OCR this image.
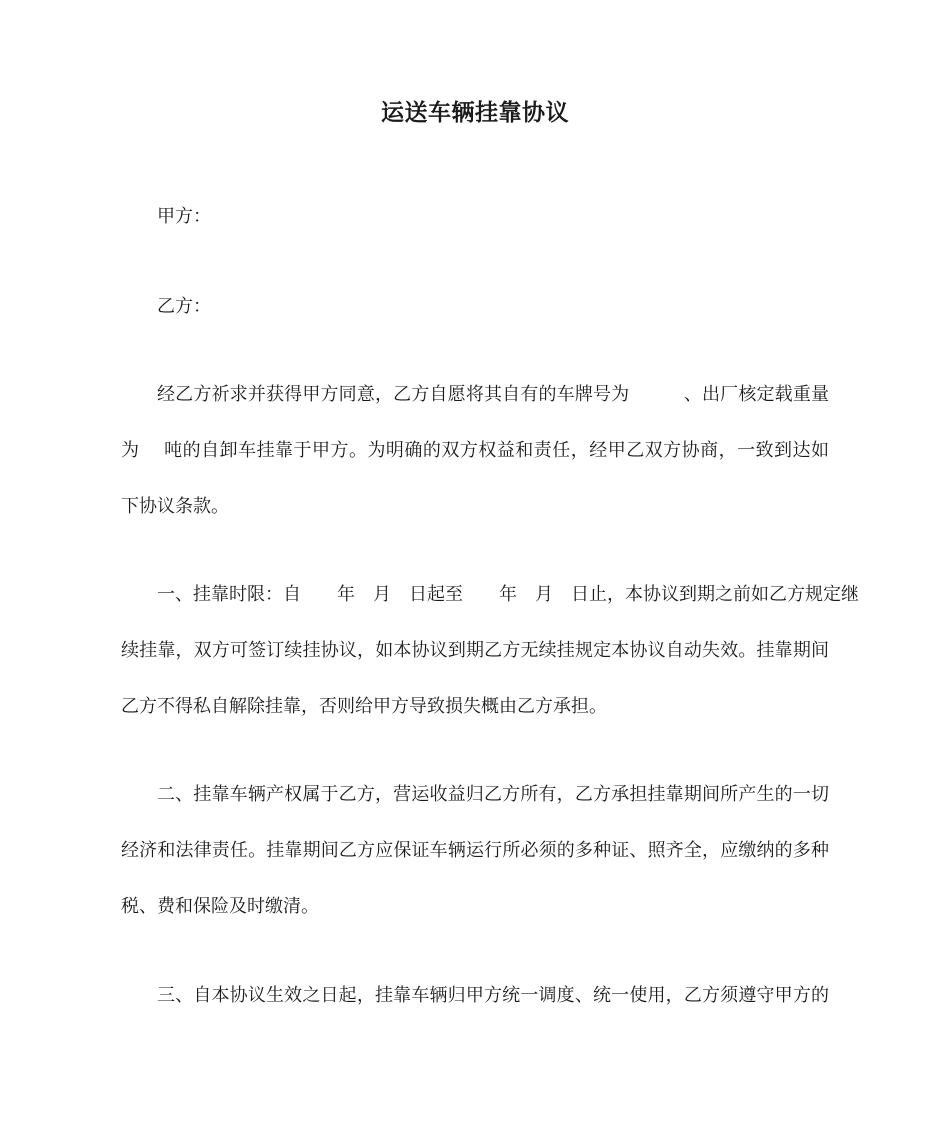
运送车辆挂靠协议
甲方：
乙方：
经乙方祈求并获得甲方同意，乙方自愿将其自有的车牌号为　　　、出厂核定载重量
为　 吨的自卸车挂靠于甲方。为明确的双方权益和责任，经甲乙双方协商，一致到达如
下协议条款。
一、挂靠时限：自　　年　月　日起至　　年　月　日止，本协议到期之前如乙方规定继
续挂靠，双方可签订续挂协议，如本协议到期乙方无续挂规定本协议自动失效。挂靠期间
乙方不得私自解除挂靠，否则给甲方导致损失概由乙方承担。
二、挂靠车辆产权属于乙方，营运收益归乙方所有，乙方承担挂靠期间所产生的一切
经济和法律责任。挂靠期间乙方应保证车辆运行所必须的多种证、照齐全，应缴纳的多种
税、费和保险及时缴清。
三、自本协议生效之日起，挂靠车辆归甲方统一调度、统一使用，乙方须遵守甲方的
